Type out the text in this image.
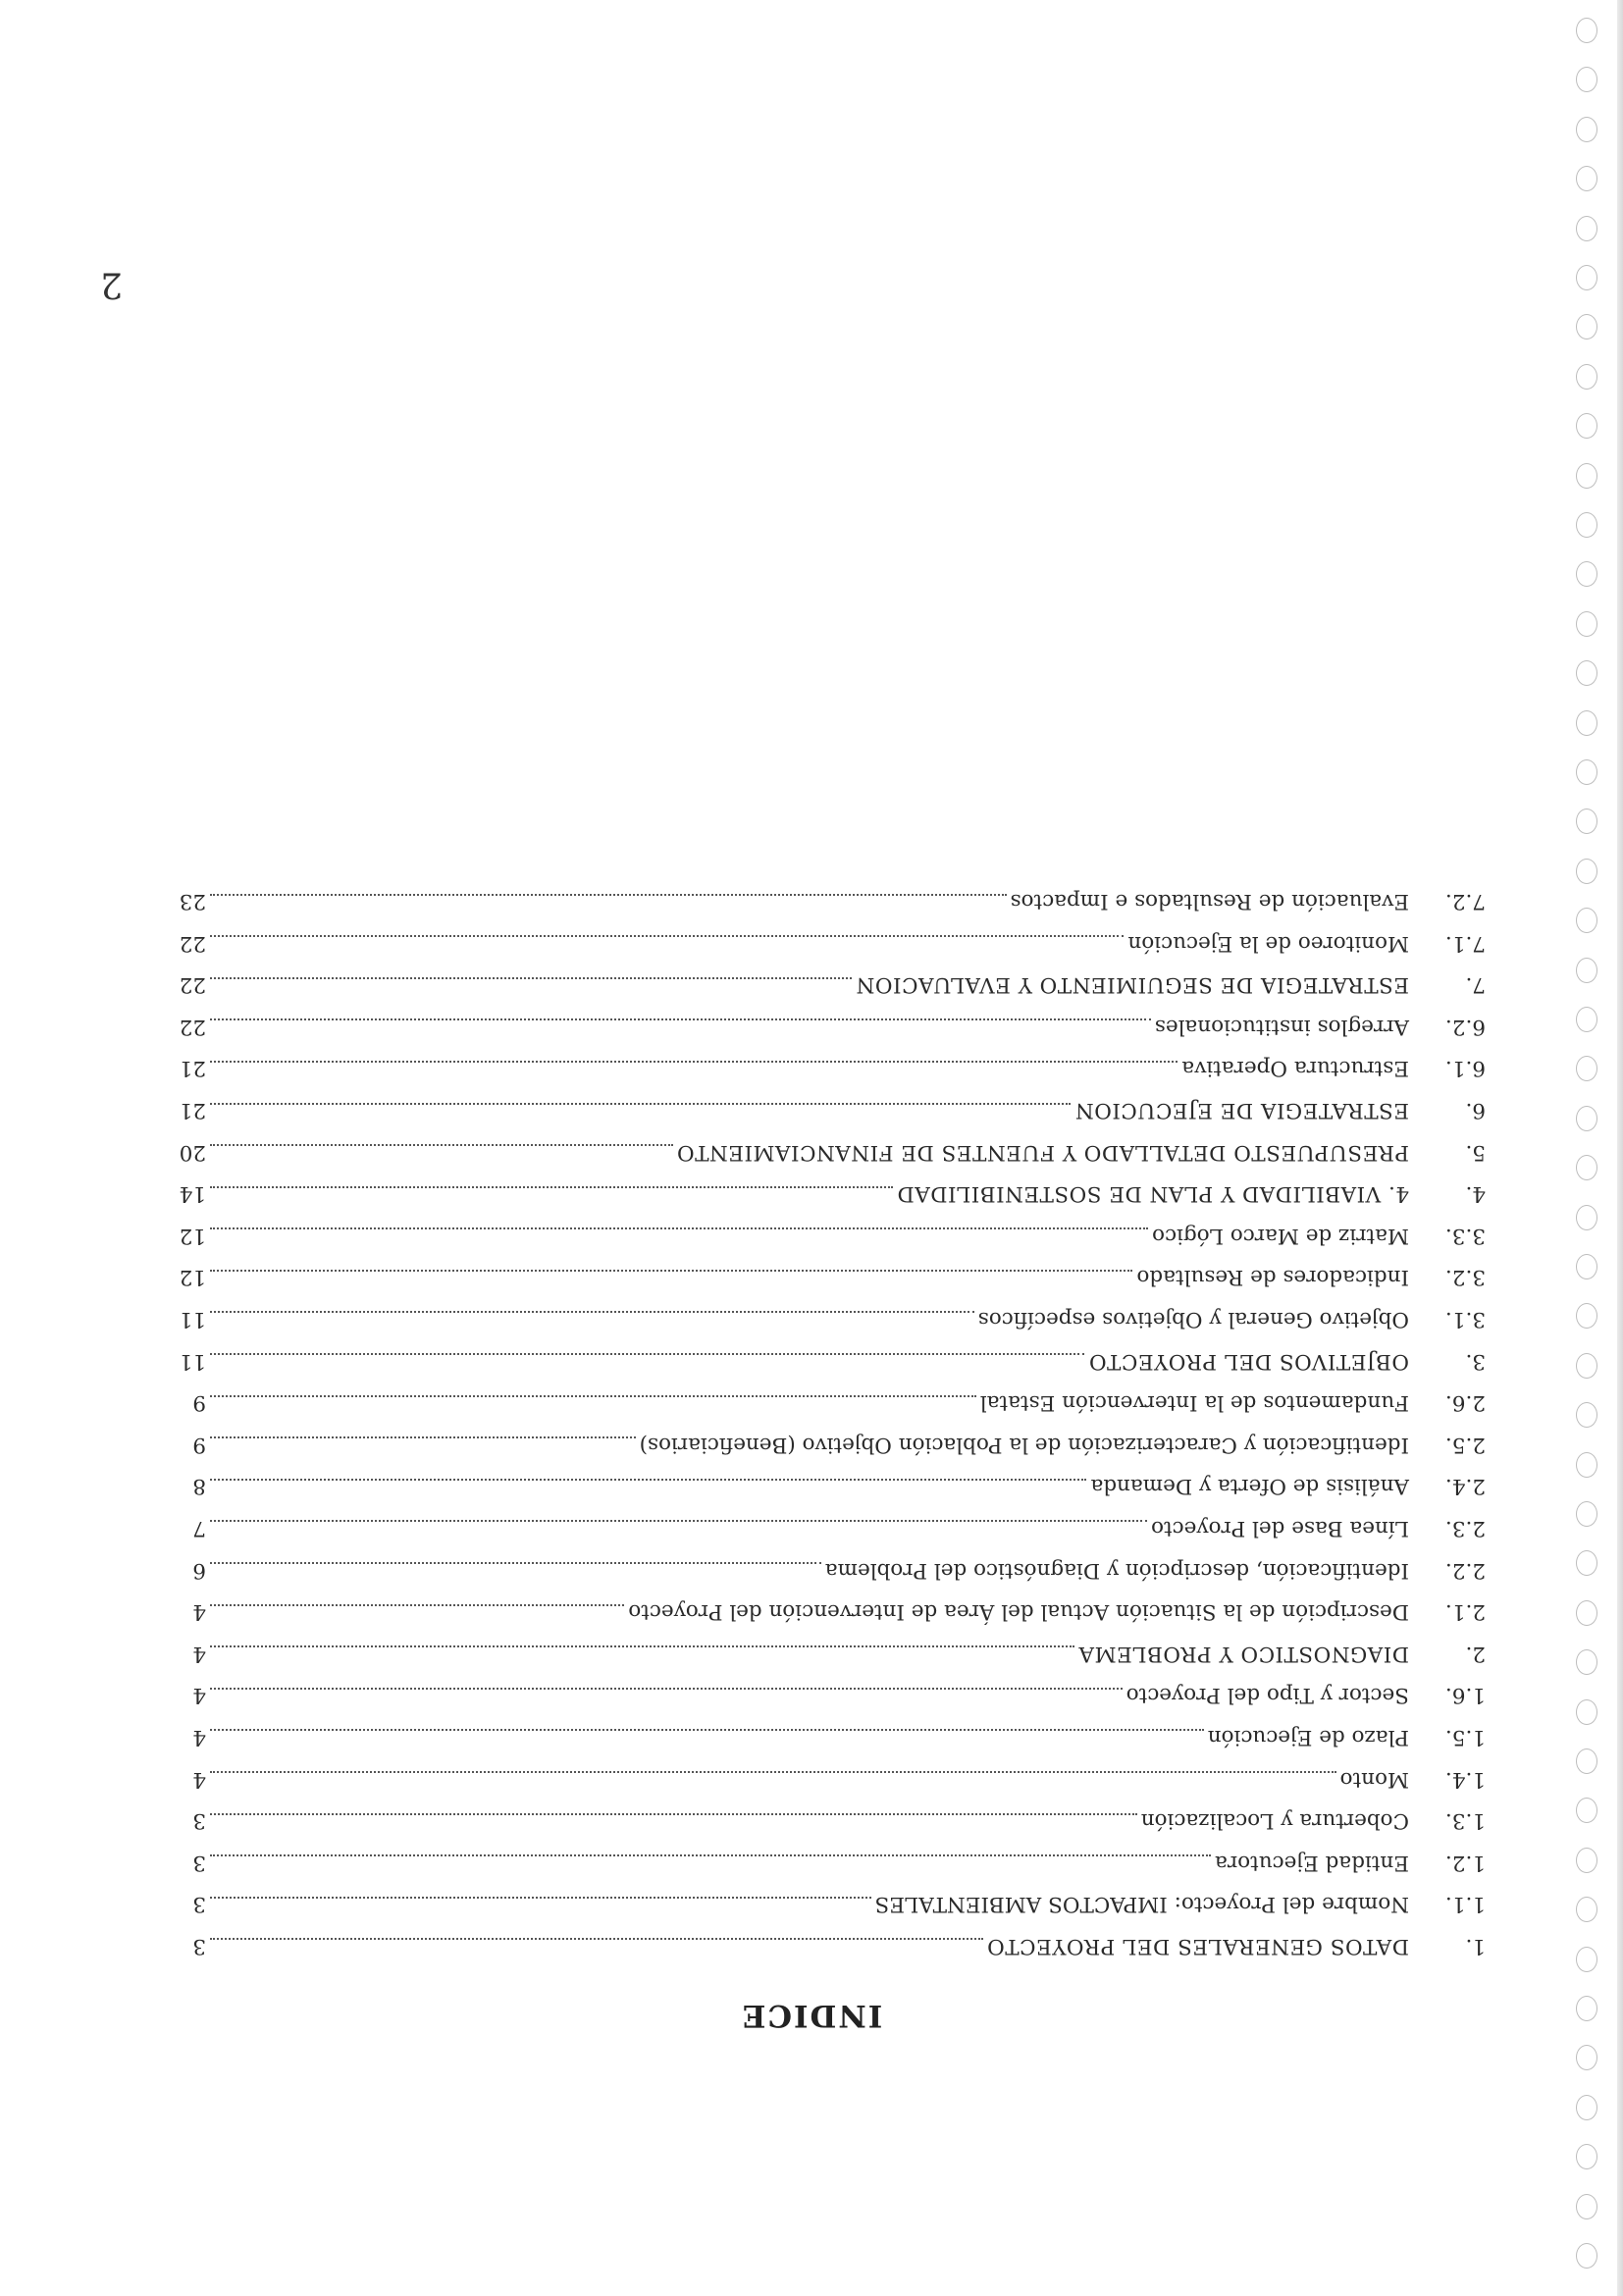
2
INDICE
1.
DATOS GENERALES DEL PROYECTO
3
1.1.
Nombre del Proyecto: IMPACTOS AMBIENTALES
3
1.2.
Entidad Ejecutora
3
1.3.
Cobertura y Localización
3
1.4.
Monto
4
1.5.
Plazo de Ejecución
4
1.6.
Sector y Tipo del Proyecto
4
2.
DIAGNOSTICO Y PROBLEMA
4
2.1.
Descripción de la Situación Actual del Área de Intervención del Proyecto
4
2.2.
Identificación, descripción y Diagnóstico del Problema
6
2.3.
Línea Base del Proyecto
7
2.4.
Análisis de Oferta y Demanda
8
2.5.
Identificación y Caracterización de la Población Objetivo (Beneficiarios)
9
2.6.
Fundamentos de la Intervención Estatal
9
3.
OBJETIVOS DEL PROYECTO
11
3.1.
Objetivo General y Objetivos específicos
11
3.2.
Indicadores de Resultado
12
3.3.
Matriz de Marco Lógico
12
4.
4. VIABILIDAD Y PLAN DE SOSTENIBILIDAD
14
5.
PRESUPUESTO DETALLADO Y FUENTES DE FINANCIAMIENTO
20
6.
ESTRATEGIA DE EJECUCION
21
6.1.
Estructura Operativa
21
6.2.
Arreglos institucionales
22
7.
ESTRATEGIA DE SEGUIMIENTO Y EVALUACION
22
7.1.
Monitoreo de la Ejecución
22
7.2.
Evaluación de Resultados e Impactos
23
